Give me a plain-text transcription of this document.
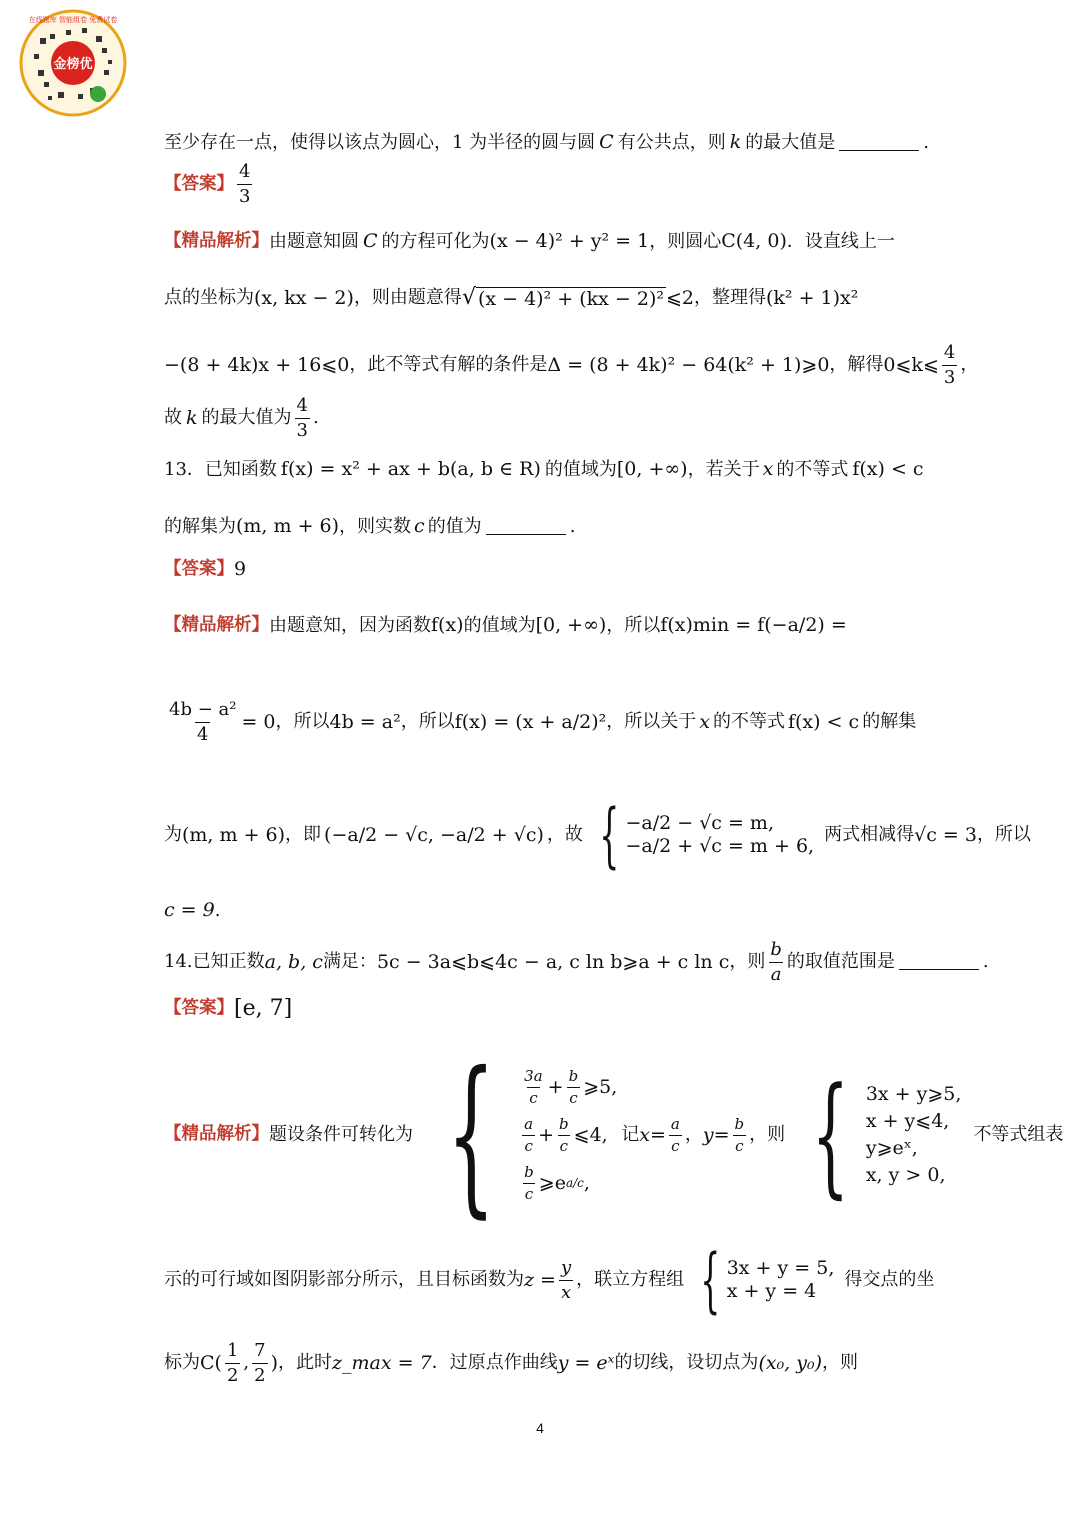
金榜优
在线题库 智能组卷 免费试卷
至少存在一点，使得以该点为圆心，1 为半径的圆与圆 C 有公共点，则 k 的最大值是	.
【答案】 $\frac{4}{3}$
【精品解析】 由题意知圆 C 的方程可化为 (x − 4)² + y² = 1 ，则圆心 C(4, 0) ．设直线上一
点的坐标为 (x, kx − 2) ，则由题意得 √ (x − 4)² + (kx − 2)² ⩽2 ，整理得 (k² + 1)x²
−(8 + 4k)x + 16⩽0 ，此不等式有解的条件是 Δ = (8 + 4k)² − 64(k² + 1)⩾0 ，解得 0⩽k⩽ $\frac{4}{3}$ ，
故 k 的最大值为 $\frac{4}{3}$ .
13． 已知函数 f(x) = x² + ax + b(a, b ∈ R) 的值域为 [0, +∞) ，若关于 x 的不等式 f(x) < c
的解集为 (m, m + 6) ，则实数 c 的值为	.
【答案】 9
【精品解析】 由题意知，因为函数 f(x) 的值域为 [0, +∞) ，所以 f(x)min = f(−a/2) =
$\frac{\text{4b − a²}}{4} = 0$ ，所以 4b = a² ，所以 f(x) = (x + a/2)² ，所以关于 x 的不等式 f(x) < c 的解集
为 (m, m + 6) ，即 (−a/2 − √c, −a/2 + √c) ，故 { −a/2 − √c = m,
−a/2 + √c = m + 6,
两式相减得 √c = 3 ，所以
c = 9 .
14. 已知正数 a, b, c 满足： 5c − 3a⩽b⩽4c − a, c ln b⩾a + c ln c ，则 $\frac{b}{a}$ 的取值范围是	.
【答案】 [e, 7]
【精品解析】 题设条件可转化为 { $\frac{3a}{c} + \frac{b}{c}$ ⩾5,
$\frac{a}{c} + \frac{b}{c}$ ⩽4,
$\frac{b}{c}$ ⩾e a/c ,
记 $x= \frac{a}{c}$ ， $y= \frac{b}{c}$ ，则 { 3x + y⩾5,
x + y⩽4,
y⩾eˣ,
x, y > 0,
不等式组表
示的可行域如图阴影部分所示，且目标函数为 $z = \frac{y}{x}$ ，联立方程组 { 3x + y = 5,
x + y = 4
得交点的坐
标为 C ( $\frac{1}{2}$ , $\frac{7}{2}$ ) ，此时 z_max = 7 ．过原点作曲线 y = eˣ 的切线，设切点为 (x₀, y₀) ，则
4
